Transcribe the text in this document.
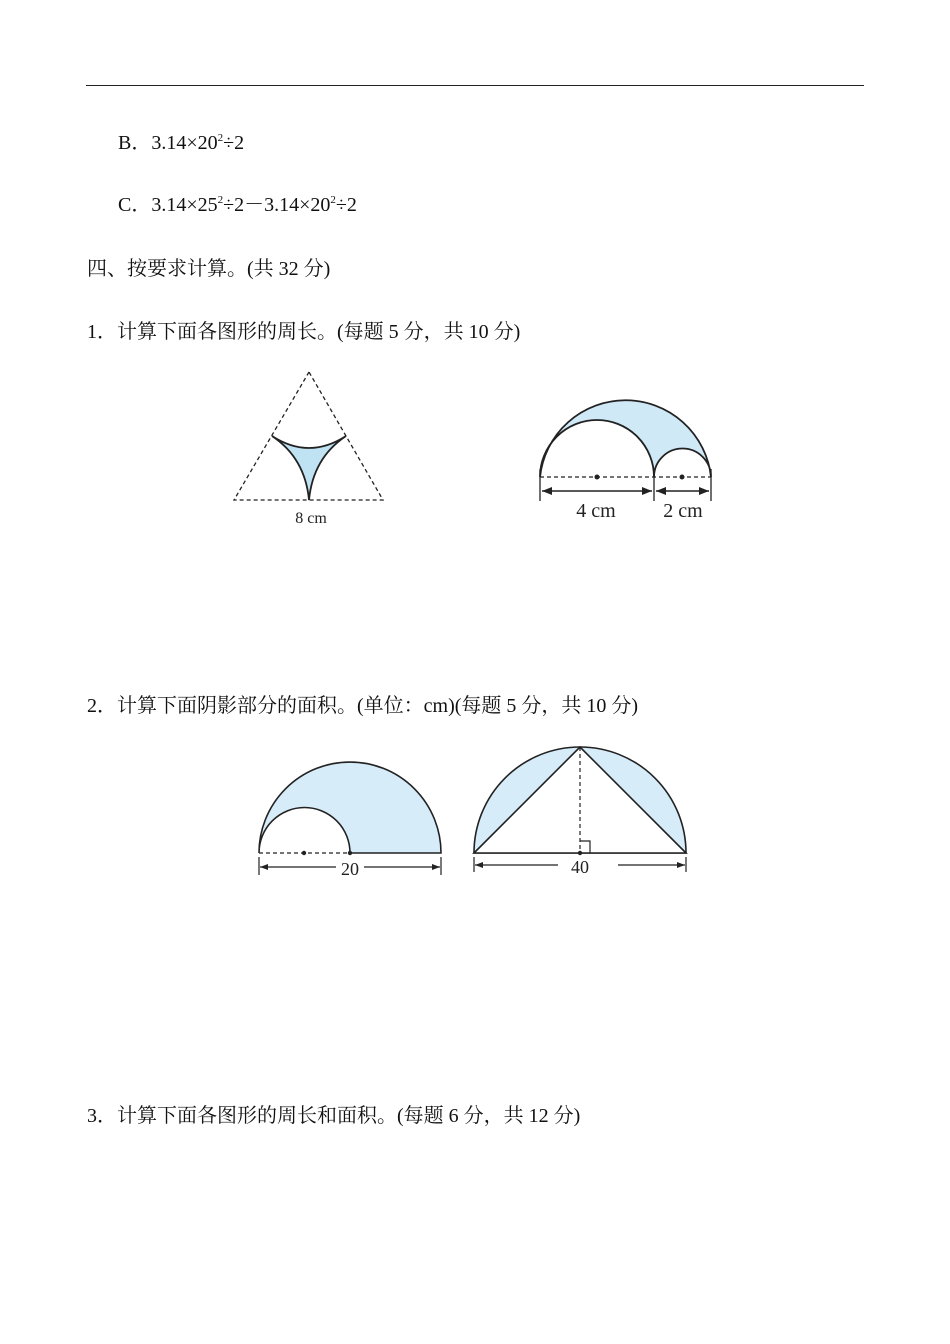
B．$3.14\times 20^2\div 2$
C．$3.14\times 25^2\div 2-3.14\times 20^2\div 2$
四、按要求计算。(共 32 分)
1．计算下面各图形的周长。(每题 5 分，共 10 分)
8 cm	4 cm 2 cm
2．计算下面阴影部分的面积。(单位：cm)(每题 5 分，共 10 分)
20	40
3．计算下面各图形的周长和面积。(每题 6 分，共 12 分)
